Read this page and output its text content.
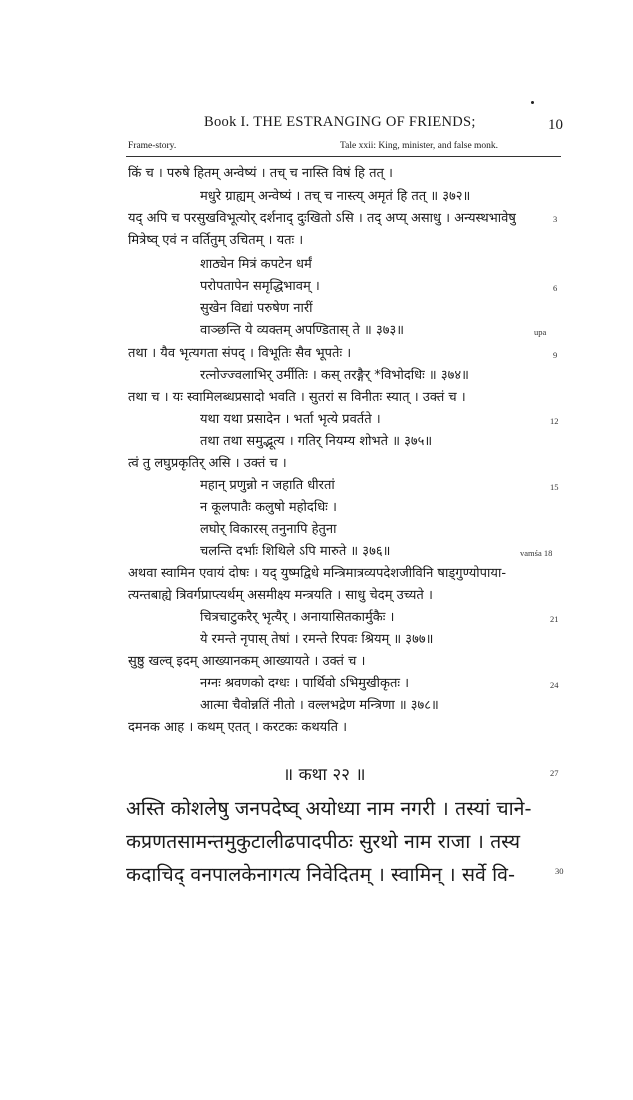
Book I. THE ESTRANGING OF FRIENDS;	10
Frame-story.	Tale xxii: King, minister, and false monk.
किं च । परुषे हितम् अन्वेष्यं । तच् च नास्ति विषं हि तत् ।
मधुरे ग्राह्यम् अन्वेष्यं । तच् च नास्त्य् अमृतं हि तत् ॥ ३७२॥
यद् अपि च परसुखविभूत्योर् दर्शनाद् दुःखितो ऽसि । तद् अप्य् असाधु । अन्यस्थभावेषु	3
मित्रेष्व् एवं न वर्तितुम् उचितम् । यतः ।
शाठ्येन मित्रं कपटेन धर्मं
परोपतापेन समृद्धिभावम् ।	6
सुखेन विद्यां परुषेण नारीं
वाञ्छन्ति ये व्यक्तम् अपण्डितास् ते ॥ ३७३॥	upa
तथा । यैव भृत्यगता संपद् । विभूतिः सैव भूपतेः ।	9
रत्नोज्ज्वलाभिर् उर्मीतिः । कस् तरङ्गैर् *विभोदधिः ॥ ३७४॥
तथा च । यः स्वामिलब्धप्रसादो भवति । सुतरां स विनीतः स्यात् । उक्तं च ।
यथा यथा प्रसादेन । भर्ता भृत्ये प्रवर्तते ।	12
तथा तथा समुद्भूत्य । गतिर् नियम्य शोभते ॥ ३७५॥
त्वं तु लघुप्रकृतिर् असि । उक्तं च ।
महान् प्रणुन्नो न जहाति धीरतां	15
न कूलपातैः कलुषो महोदधिः ।
लघोर् विकारस् तनुनापि हेतुना
चलन्ति दर्भाः शिथिले ऽपि मारुते ॥ ३७६॥	vamśa 18
अथवा स्वामिन एवायं दोषः । यद् युष्मद्विधे मन्त्रिमात्रव्यपदेशजीविनि षाड्गुण्योपाया-
त्यन्तबाह्ये त्रिवर्गप्राप्त्यर्थम् असमीक्ष्य मन्त्रयति । साधु चेदम् उच्यते ।
चित्रचाटुकरैर् भृत्यैर् । अनायासितकार्मुकैः ।	21
ये रमन्ते नृपास् तेषां । रमन्ते रिपवः श्रियम् ॥ ३७७॥
सुष्ठु खल्व् इदम् आख्यानकम् आख्यायते । उक्तं च ।
नग्नः श्रवणको दग्धः । पार्थिवो ऽभिमुखीकृतः ।	24
आत्मा चैवोन्नतिं नीतो । वल्लभद्रेण मन्त्रिणा ॥ ३७८॥
दमनक आह । कथम् एतत् । करटकः कथयति ।
॥ कथा २२ ॥	27
अस्ति कोशलेषु जनपदेष्व् अयोध्या नाम नगरी । तस्यां चाने-
कप्रणतसामन्तमुकुटालीढपादपीठः सुरथो नाम राजा । तस्य
कदाचिद् वनपालकेनागत्य निवेदितम् । स्वामिन् । सर्वे वि-	30
